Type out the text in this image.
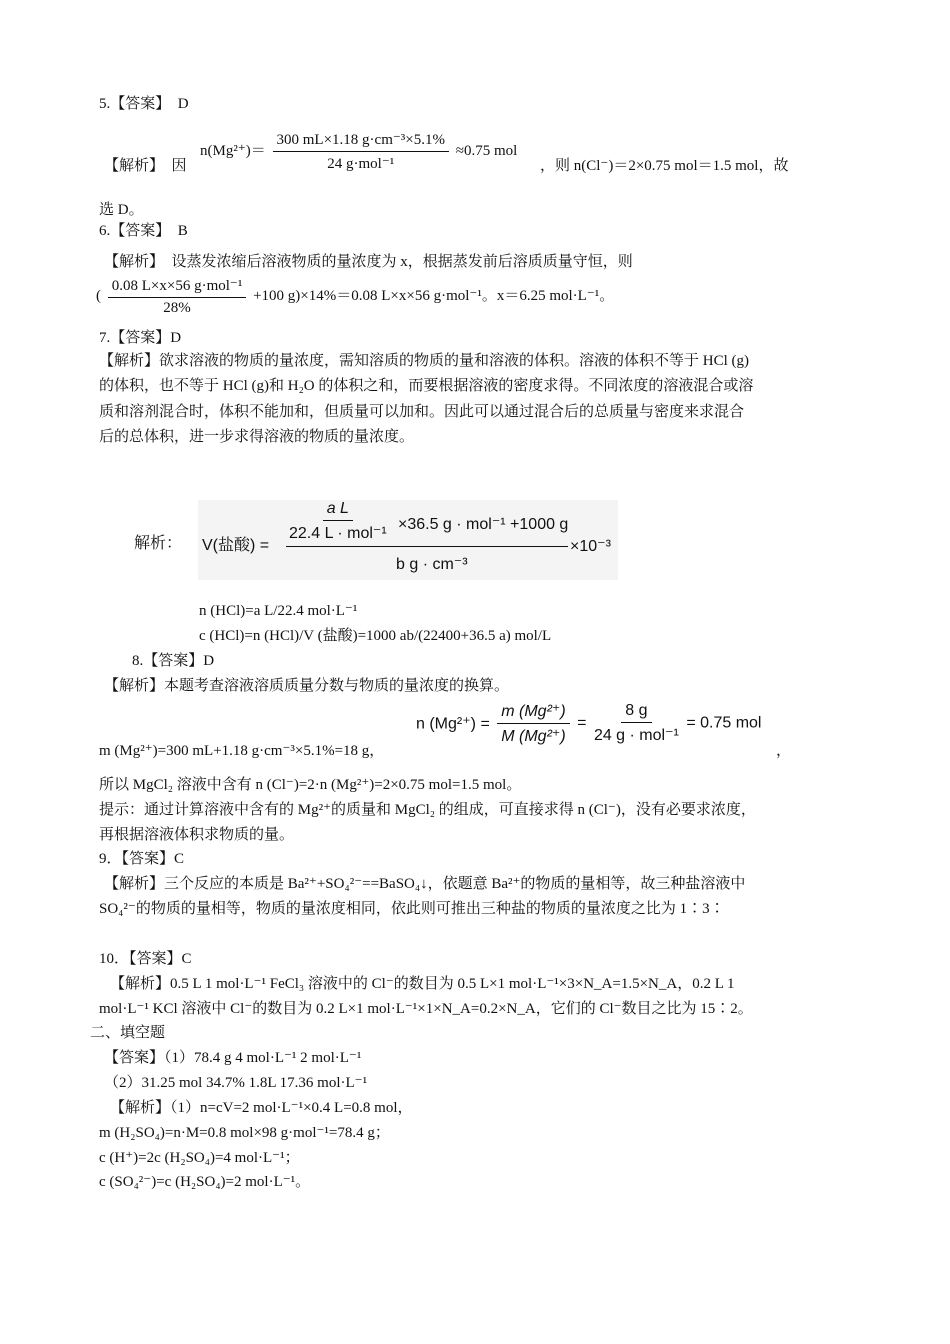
5.【答案】　D
【解析】　因
$n(Mg^{2+})= \frac{\text{300 mL×1.18 g·cm⁻³×5.1\%}}{\text{24 g·mol⁻¹}} \approx 0.75$ mol
，则 n(Cl⁻)＝2×0.75 mol＝1.5 mol，故
选 D。
6.【答案】　B
【解析】　设蒸发浓缩后溶液物质的量浓度为 x，根据蒸发前后溶质质量守恒，则
( $\frac{\text{0.08 L×x×56 g·mol⁻¹}}{28\%} +100$ g)×14%＝0.08 L×x×56 g·mol⁻¹。x＝6.25 mol·L⁻¹。
7.【答案】D
【解析】欲求溶液的物质的量浓度，需知溶质的物质的量和溶液的体积。溶液的体积不等于 HCl (g)
的体积，也不等于 HCl (g)和 H₂O 的体积之和，而要根据溶液的密度求得。不同浓度的溶液混合或溶
质和溶剂混合时，体积不能加和，但质量可以加和。因此可以通过混合后的总质量与密度来求混合
后的总体积，进一步求得溶液的物质的量浓度。
解析： V(盐酸) =
a L
22.4 L · mol⁻¹
×36.5 g · mol⁻¹ +1000 g
b g · cm⁻³
×10⁻³
n (HCl)=a L/22.4 mol·L⁻¹
c (HCl)=n (HCl)/V (盐酸)=1000 ab/(22400+36.5 a) mol/L
8.【答案】D
【解析】本题考查溶液溶质质量分数与物质的量浓度的换算。
n $(Mg^{2+}) = \frac{\text{m (Mg²⁺)}}{\text{M (Mg²⁺)}} = \frac{8 g}{\text{24 g · mol⁻¹}} = 0.75$ mol
m (Mg²⁺)=300 mL+1.18 g·cm⁻³×5.1%=18 g，	，
所以 MgCl₂ 溶液中含有 n (Cl⁻)=2·n (Mg²⁺)=2×0.75 mol=1.5 mol。
提示：通过计算溶液中含有的 Mg²⁺的质量和 MgCl₂ 的组成，可直接求得 n (Cl⁻)，没有必要求浓度，
再根据溶液体积求物质的量。
9．【答案】C
【解析】三个反应的本质是 Ba²⁺+SO₄²⁻==BaSO₄↓，依题意 Ba²⁺的物质的量相等，故三种盐溶液中
SO₄²⁻的物质的量相等，物质的量浓度相同，依此则可推出三种盐的物质的量浓度之比为 1∶3∶
10．【答案】C
【解析】0.5 L 1 mol·L⁻¹ FeCl₃ 溶液中的 Cl⁻的数目为 0.5 L×1 mol·L⁻¹×3×N_A=1.5×N_A，0.2 L 1
mol·L⁻¹ KCl 溶液中 Cl⁻的数目为 0.2 L×1 mol·L⁻¹×1×N_A=0.2×N_A，它们的 Cl⁻数目之比为 15∶2。
二、填空题
【答案】（1）78.4 g 4 mol·L⁻¹ 2 mol·L⁻¹
（2）31.25 mol 34.7% 1.8L 17.36 mol·L⁻¹
【解析】（1）n=cV=2 mol·L⁻¹×0.4 L=0.8 mol，
m (H₂SO₄)=n·M=0.8 mol×98 g·mol⁻¹=78.4 g；
c (H⁺)=2c (H₂SO₄)=4 mol·L⁻¹；
c (SO₄²⁻)=c (H₂SO₄)=2 mol·L⁻¹。
